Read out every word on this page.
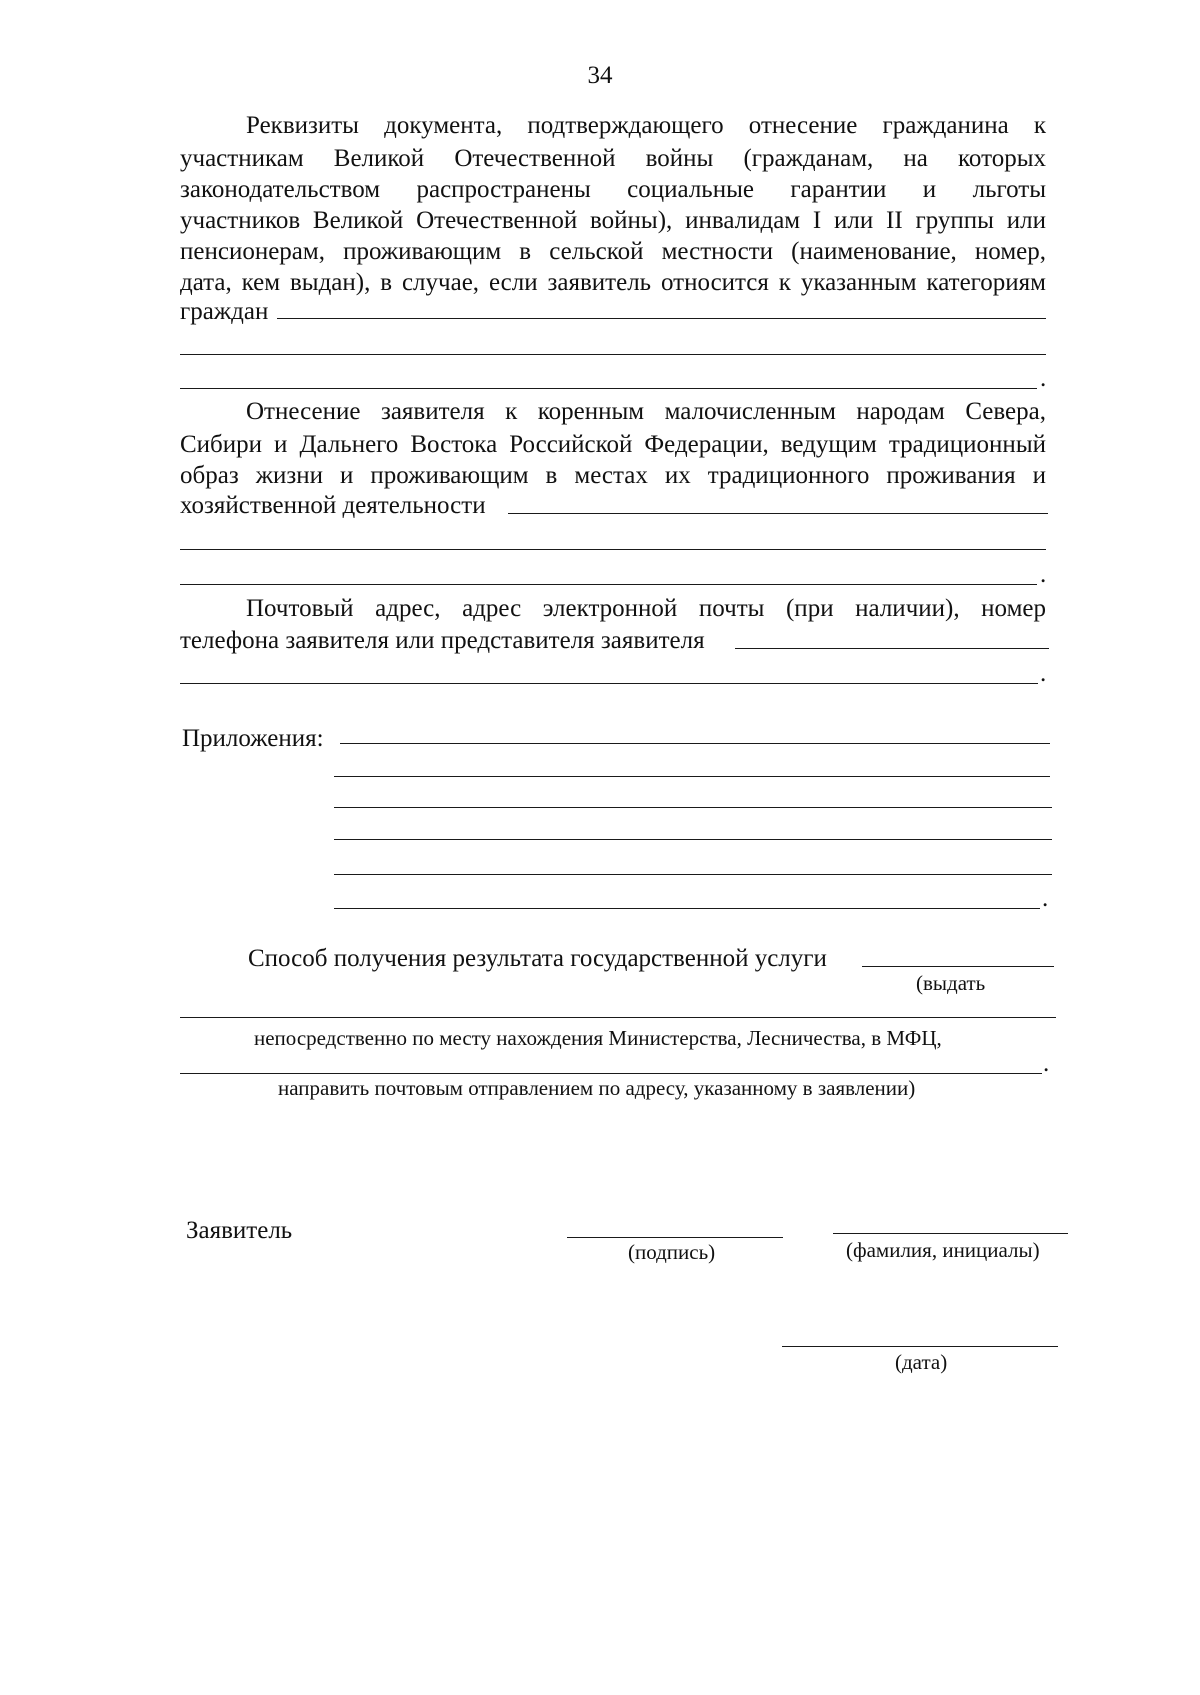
34
Реквизиты документа, подтверждающего отнесение гражданина к
участникам Великой Отечественной войны (гражданам, на которых
законодательством распространены социальные гарантии и льготы
участников Великой Отечественной войны), инвалидам I или II группы или
пенсионерам, проживающим в сельской местности (наименование, номер,
дата, кем выдан), в случае, если заявитель относится к указанным категориям
граждан
.
Отнесение заявителя к коренным малочисленным народам Севера,
Сибири и Дальнего Востока Российской Федерации, ведущим традиционный
образ жизни и проживающим в местах их традиционного проживания и
хозяйственной деятельности
.
Почтовый адрес, адрес электронной почты (при наличии), номер
телефона заявителя или представителя заявителя
.
Приложения:
.
Способ получения результата государственной услуги
(выдать
непосредственно по месту нахождения Министерства, Лесничества, в МФЦ,
.
направить почтовым отправлением по адресу, указанному в заявлении)
Заявитель
(подпись)	(фамилия, инициалы)
(дата)
